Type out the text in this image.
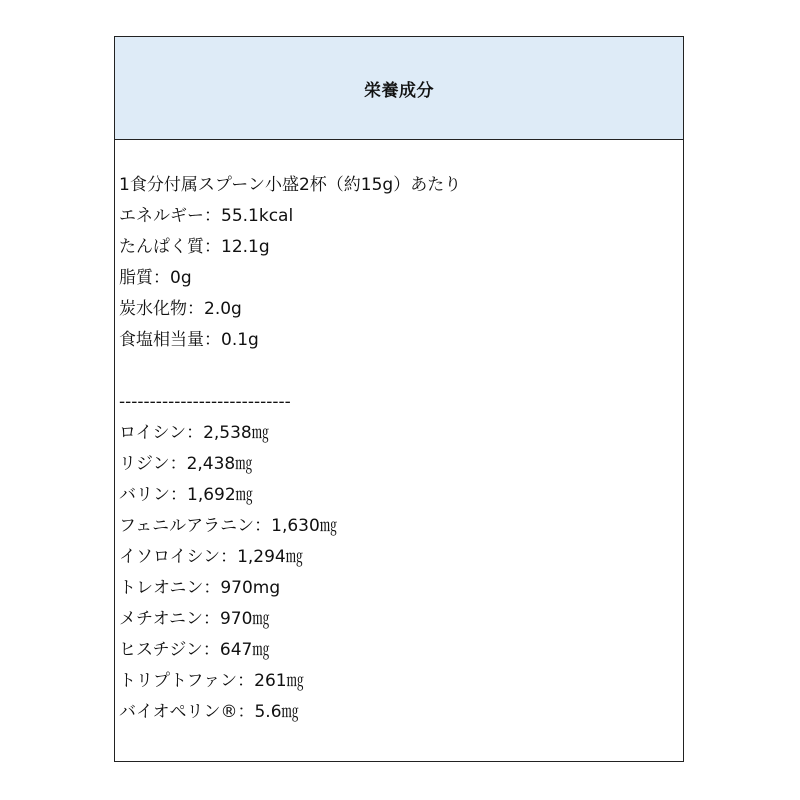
栄養成分
1食分付属スプーン小盛2杯（約15g）あたり
エネルギー：55.1kcal
たんぱく質：12.1g
脂質：0g
炭水化物：2.0g
食塩相当量：0.1g
----------------------------
ロイシン：2,538㎎
リジン：2,438㎎
バリン：1,692㎎
フェニルアラニン：1,630㎎
イソロイシン：1,294㎎
トレオニン：970mg
メチオニン：970㎎
ヒスチジン：647㎎
トリプトファン：261㎎
バイオペリン®：5.6㎎
